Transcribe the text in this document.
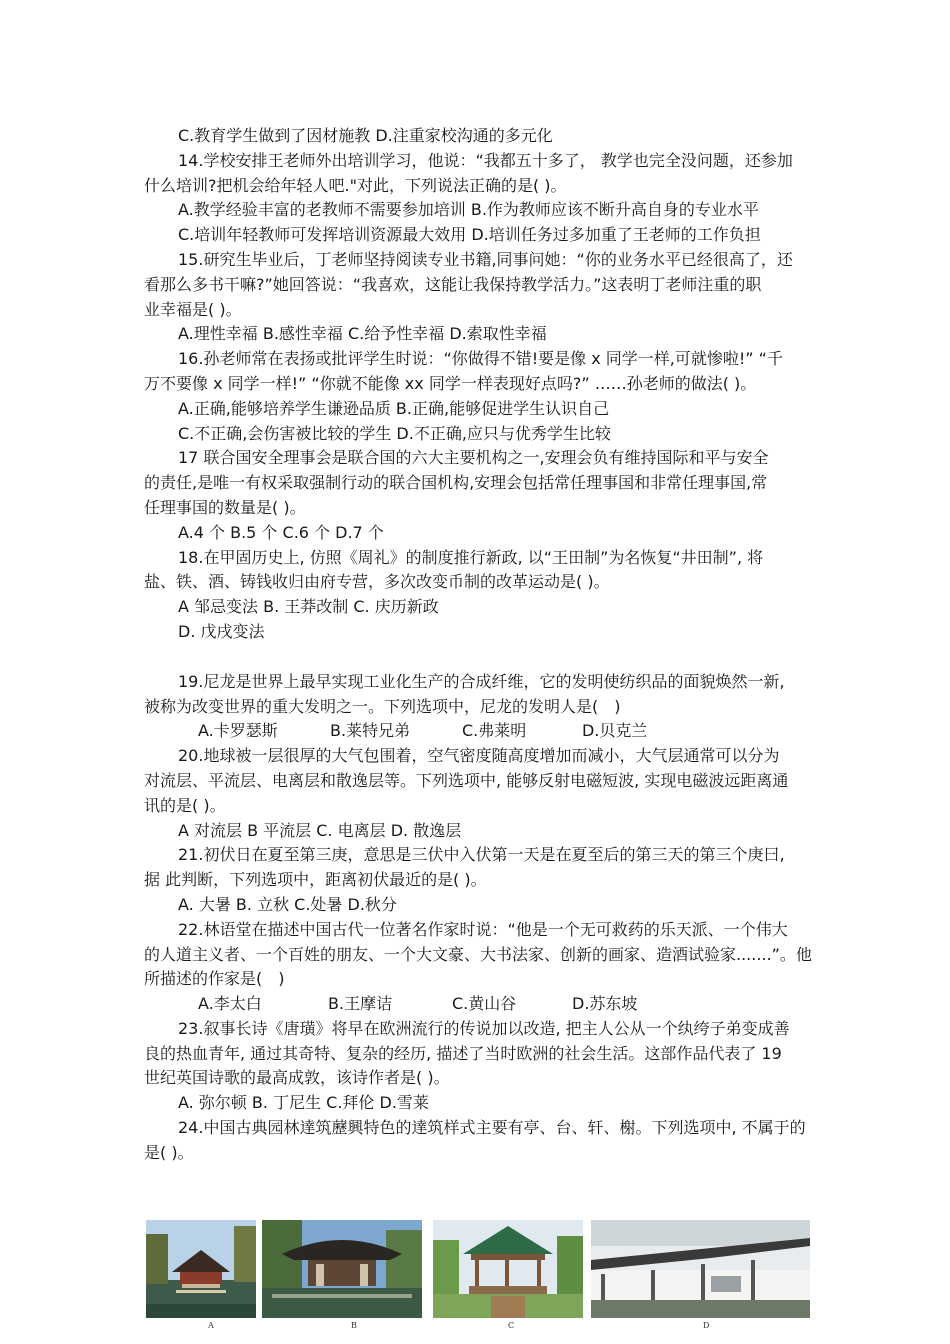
C.教育学生做到了因材施教 D.注重家校沟通的多元化
14.学校安排王老师外出培训学习，他说：“我都五十多了， 教学也完全没问题，还参加
什么培训?把机会给年轻人吧."对此，下列说法正确的是( )。
A.教学经验丰富的老教师不需要参加培训 B.作为教师应该不断升高自身的专业水平
C.培训年轻教师可发挥培训资源最大效用 D.培训任务过多加重了王老师的工作负担
15.研究生毕业后，丁老师坚持阅读专业书籍,同事问她：“你的业务水平已经很高了，还
看那么多书干嘛?”她回答说：“我喜欢，这能让我保持教学活力。”这表明丁老师注重的职
业幸福是( )。
A.理性幸福 B.感性幸福 C.给予性幸福 D.索取性幸福
16.孙老师常在表扬或批评学生时说：“你做得不错!要是像 x 同学一样,可就惨啦!” “千
万不要像 x 同学一样!” “你就不能像 xx 同学一样表现好点吗?” ……孙老师的做法( )。
A.正确,能够培养学生谦逊品质 B.正确,能够促进学生认识自己
C.不正确,会伤害被比较的学生 D.不正确,应只与优秀学生比较
17 联合国安全理事会是联合国的六大主要机构之一,安理会负有维持国际和平与安全
的责任,是唯一有权采取强制行动的联合国机构,安理会包括常任理事国和非常任理事国,常
任理事国的数量是( )。
A.4 个 B.5 个 C.6 个 D.7 个
18.在甲固历史上, 仿照《周礼》的制度推行新政, 以“王田制”为名恢复“井田制”, 将
盐、铁、酒、铸钱收归由府专营，多次改变币制的改革运动是( )。
A 邹忌变法 B. 王莽改制 C. 庆历新政
D. 戊戌变法
19.尼龙是世界上最早实现工业化生产的合成纤维，它的发明使纺织品的面貌焕然一新,
被称为改变世界的重大发明之一。下列选项中，尼龙的发明人是(　)
A.卡罗瑟斯	B.莱特兄弟	C.弗莱明	D.贝克兰
20.地球被一层很厚的大气包围着，空气密度随高度增加而减小，大气层通常可以分为
对流层、平流层、电离层和散逸层等。下列选项中, 能够反射电磁短波, 实现电磁波远距离通
讯的是( )。
A 对流层 B 平流层 C. 电离层 D. 散逸层
21.初伏日在夏至第三庚，意思是三伏中入伏第一天是在夏至后的第三天的第三个庚曰,
据 此判断，下列选项中，距离初伏最近的是( )。
A. 大暑 B. 立秋 C.处暑 D.秋分
22.林语堂在描述中国古代一位著名作家时说：“他是一个无可救药的乐天派、一个伟大
的人道主义者、一个百姓的朋友、一个大文豪、大书法家、创新的画家、造酒试验家.......”。他
所描述的作家是(　)
A.李太白	B.王摩诘	C.黄山谷	D.苏东坡
23.叙事长诗《唐璜》将早在欧洲流行的传说加以改造, 把主人公从一个纨绔子弟变成善
良的热血青年, 通过其奇特、复杂的经历, 描述了当时欧洲的社会生活。这部作品代表了 19
世纪英国诗歌的最高成敦，该诗作者是( )。
A. 弥尔顿 B. 丁尼生 C.拜伦 D.雪莱
24.中国古典园林達筑藶興特色的達筑样式主要有亭、台、轩、榭。下列选项中, 不属于的
是( )。
A	B	C	D
